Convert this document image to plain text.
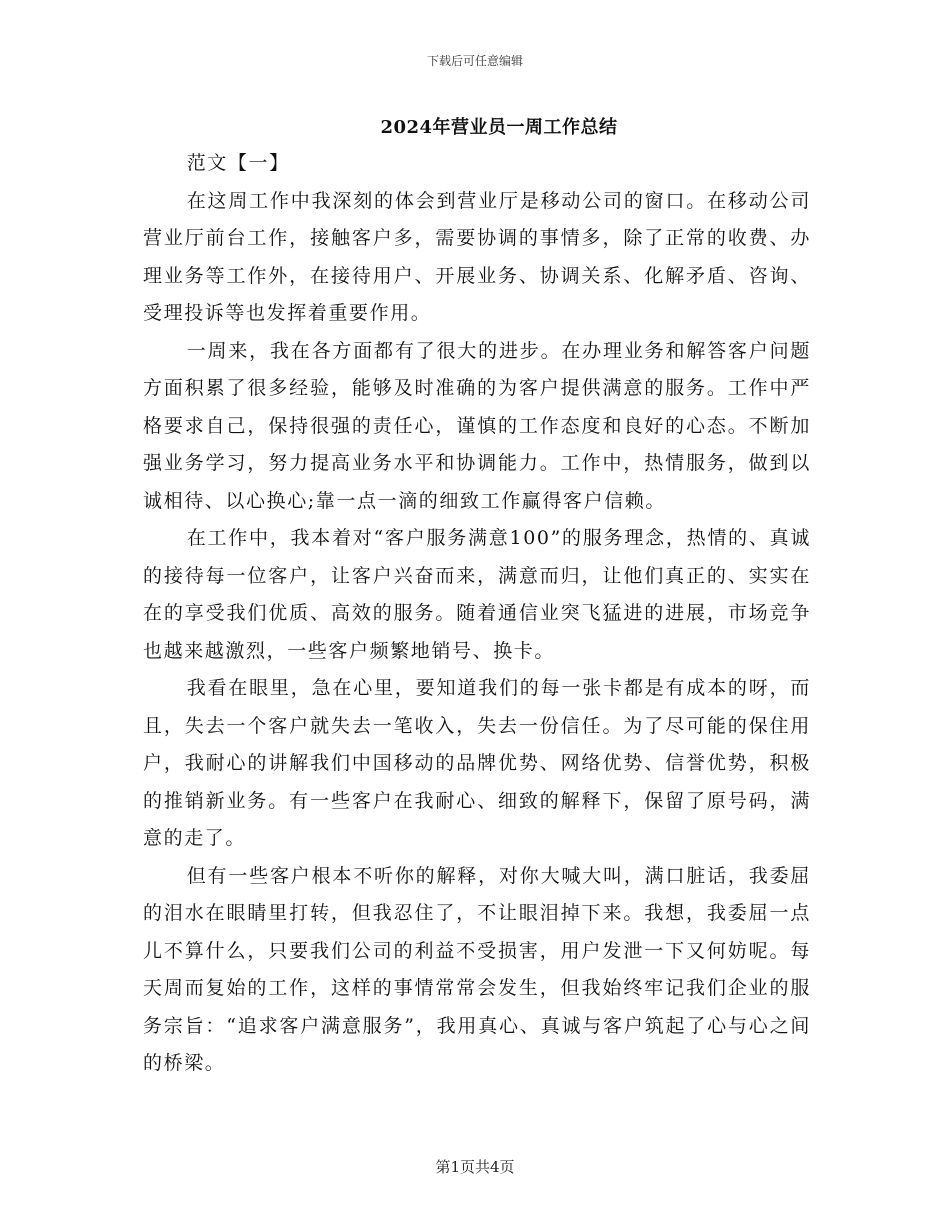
下载后可任意编辑
2024年营业员一周工作总结

范文【一】

在这周工作中我深刻的体会到营业厅是移动公司的窗口。在移动公司营业厅前台工作，接触客户多，需要协调的事情多，除了正常的收费、办理业务等工作外，在接待用户、开展业务、协调关系、化解矛盾、咨询、受理投诉等也发挥着重要作用。

一周来，我在各方面都有了很大的进步。在办理业务和解答客户问题方面积累了很多经验，能够及时准确的为客户提供满意的服务。工作中严格要求自己，保持很强的责任心，谨慎的工作态度和良好的心态。不断加强业务学习，努力提高业务水平和协调能力。工作中，热情服务，做到以诚相待、以心换心;靠一点一滴的细致工作赢得客户信赖。

在工作中，我本着对“客户服务满意100”的服务理念，热情的、真诚的接待每一位客户，让客户兴奋而来，满意而归，让他们真正的、实实在在的享受我们优质、高效的服务。随着通信业突飞猛进的进展，市场竞争也越来越激烈，一些客户频繁地销号、换卡。

我看在眼里，急在心里，要知道我们的每一张卡都是有成本的呀，而且，失去一个客户就失去一笔收入，失去一份信任。为了尽可能的保住用户，我耐心的讲解我们中国移动的品牌优势、网络优势、信誉优势，积极的推销新业务。有一些客户在我耐心、细致的解释下，保留了原号码，满意的走了。

但有一些客户根本不听你的解释，对你大喊大叫，满口脏话，我委屈的泪水在眼睛里打转，但我忍住了，不让眼泪掉下来。我想，我委屈一点儿不算什么，只要我们公司的利益不受损害，用户发泄一下又何妨呢。每天周而复始的工作，这样的事情常常会发生，但我始终牢记我们企业的服务宗旨：“追求客户满意服务”，我用真心、真诚与客户筑起了心与心之间的桥梁。

第1页共4页
